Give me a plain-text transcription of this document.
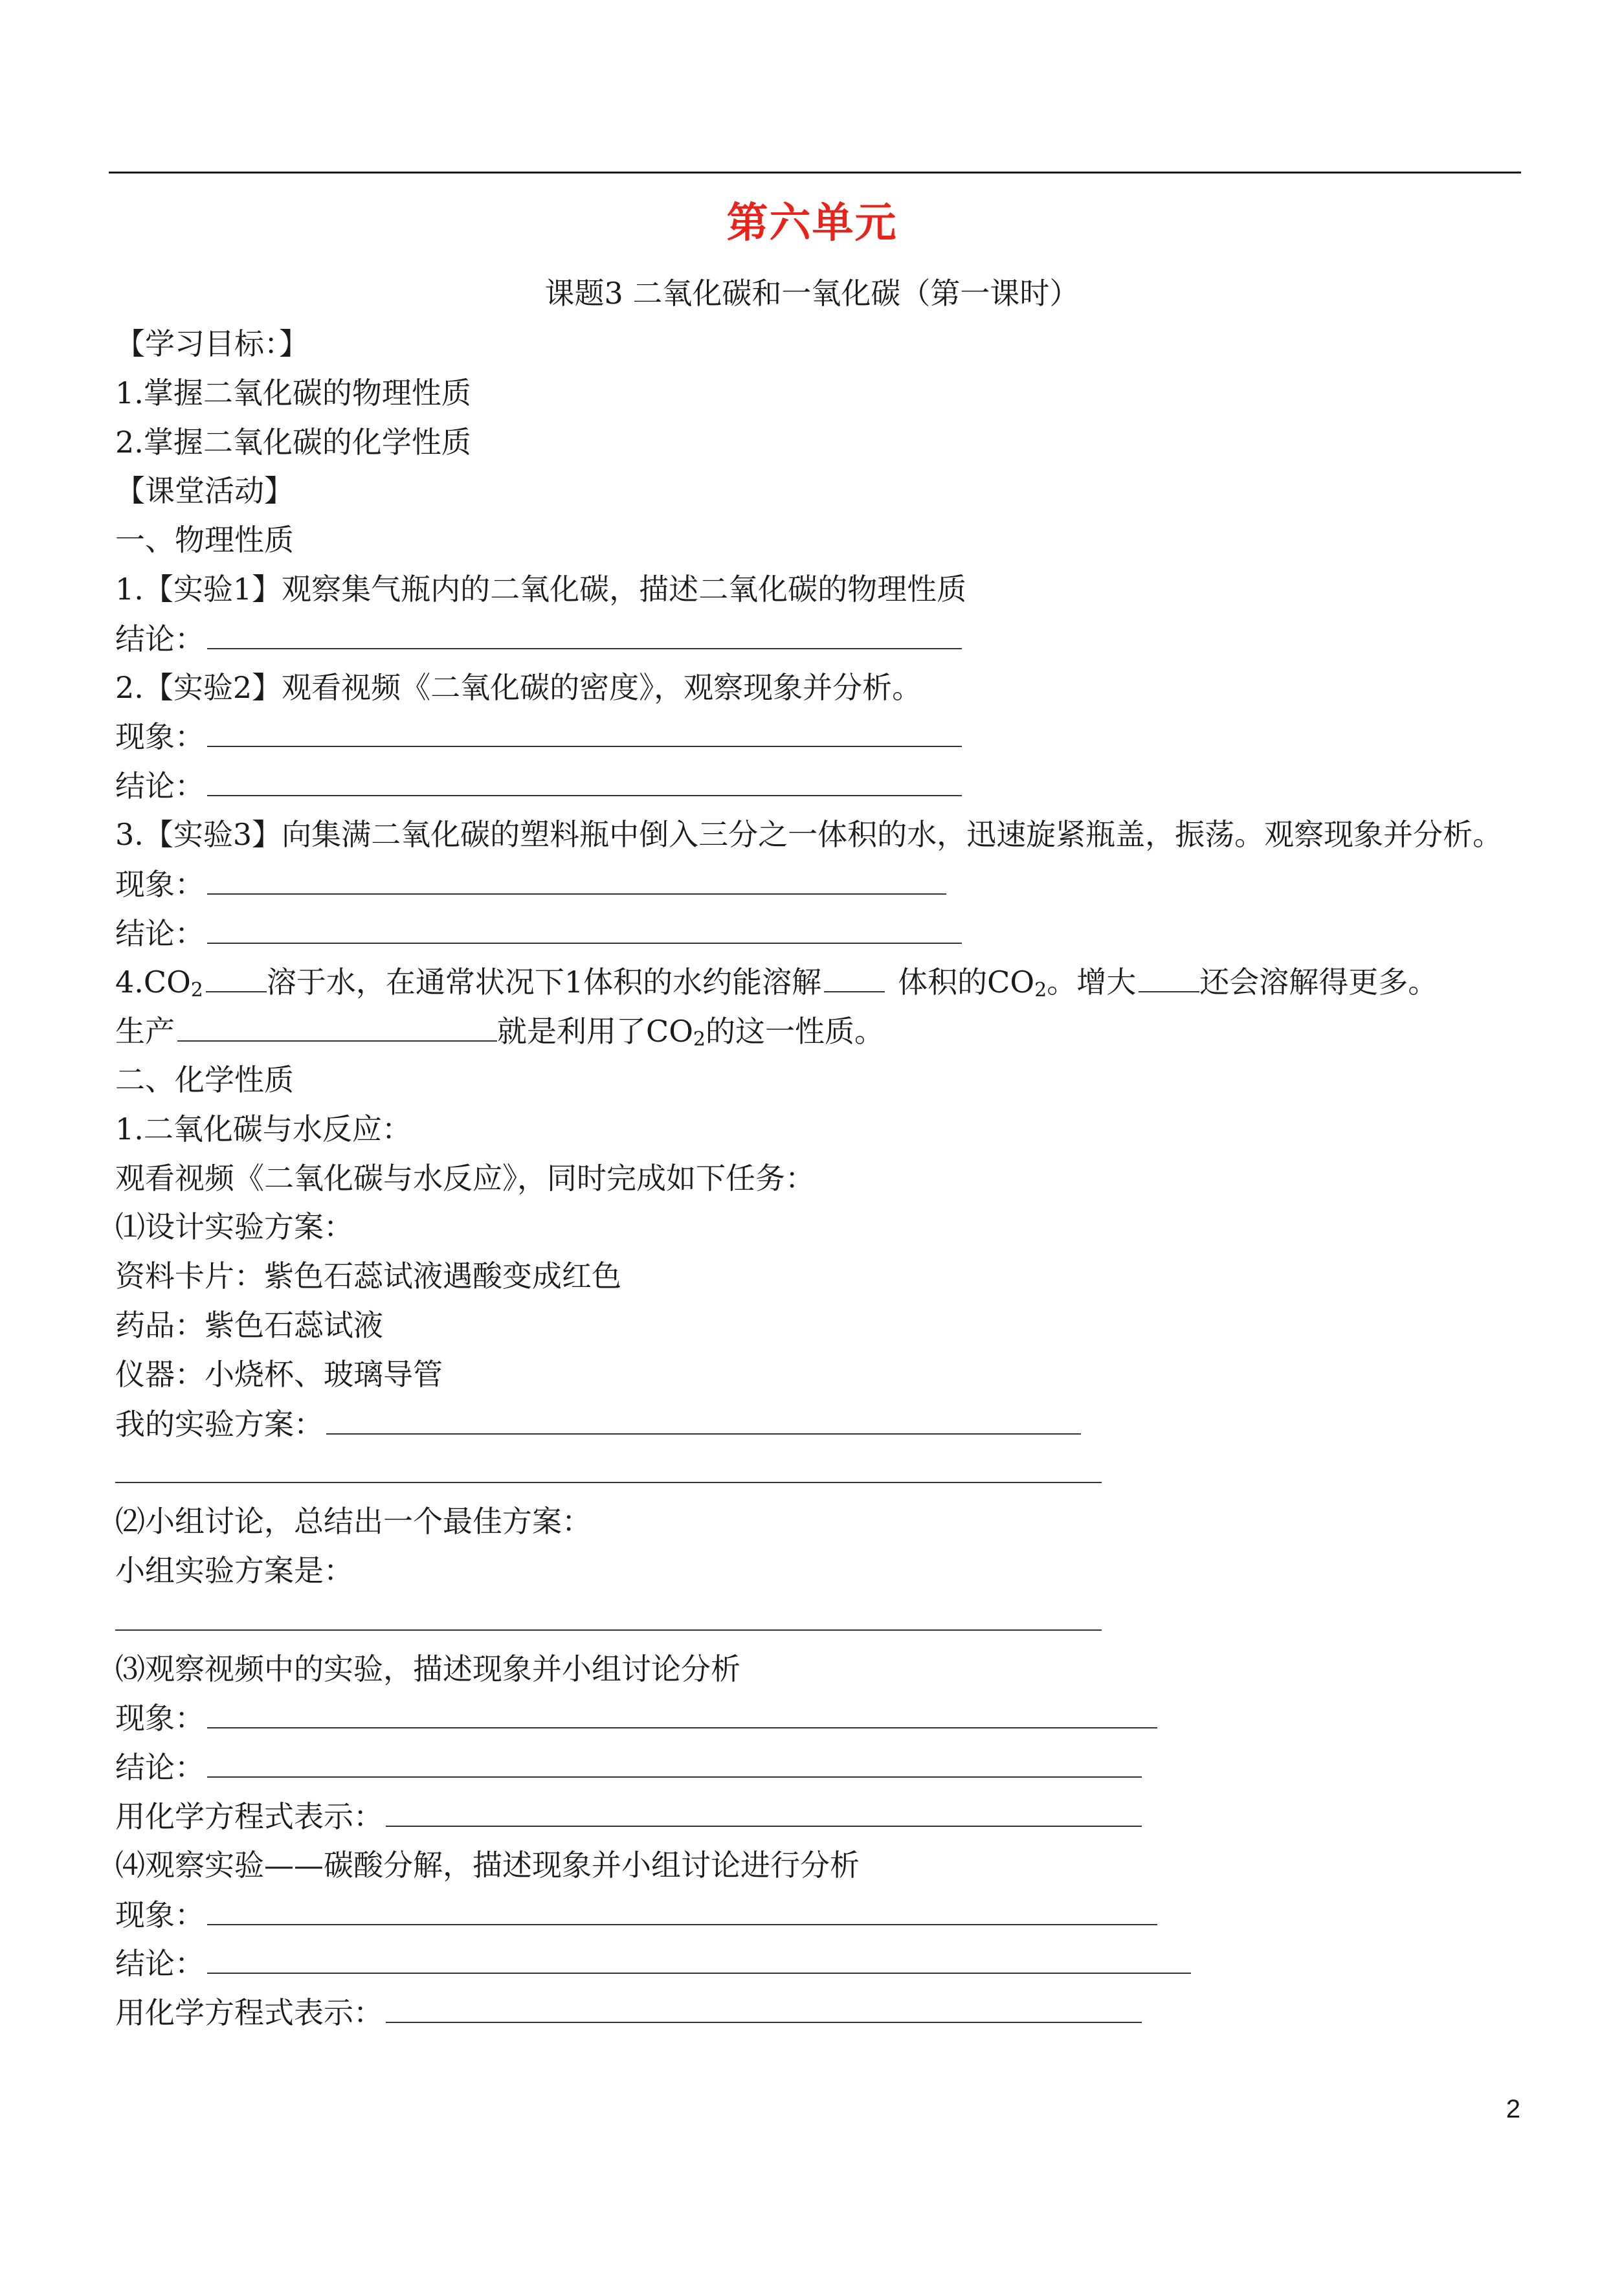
第六单元
课题3 二氧化碳和一氧化碳（第一课时）
【学习目标：】
1.掌握二氧化碳的物理性质
2.掌握二氧化碳的化学性质
【课堂活动】
一、物理性质
1.【实验1】观察集气瓶内的二氧化碳，描述二氧化碳的物理性质
结论：
2.【实验2】观看视频《二氧化碳的密度》，观察现象并分析。
现象：
结论：
3.【实验3】向集满二氧化碳的塑料瓶中倒入三分之一体积的水，迅速旋紧瓶盖，振荡。观察现象并分析。
现象：
结论：
$4.CO_2$ 溶于水，在通常状况下1体积的水约能溶解	体积的$CO_2$。增大 还会溶解得更多。
生产	就是利用了$CO_2$的这一性质。
二、化学性质
1.二氧化碳与水反应：
观看视频《二氧化碳与水反应》，同时完成如下任务：
⑴设计实验方案：
资料卡片：紫色石蕊试液遇酸变成红色
药品：紫色石蕊试液
仪器：小烧杯、玻璃导管
我的实验方案：
⑵小组讨论，总结出一个最佳方案：
小组实验方案是：
⑶观察视频中的实验，描述现象并小组讨论分析
现象：
结论：
用化学方程式表示：
⑷观察实验——碳酸分解，描述现象并小组讨论进行分析
现象：
结论：
用化学方程式表示：
2
